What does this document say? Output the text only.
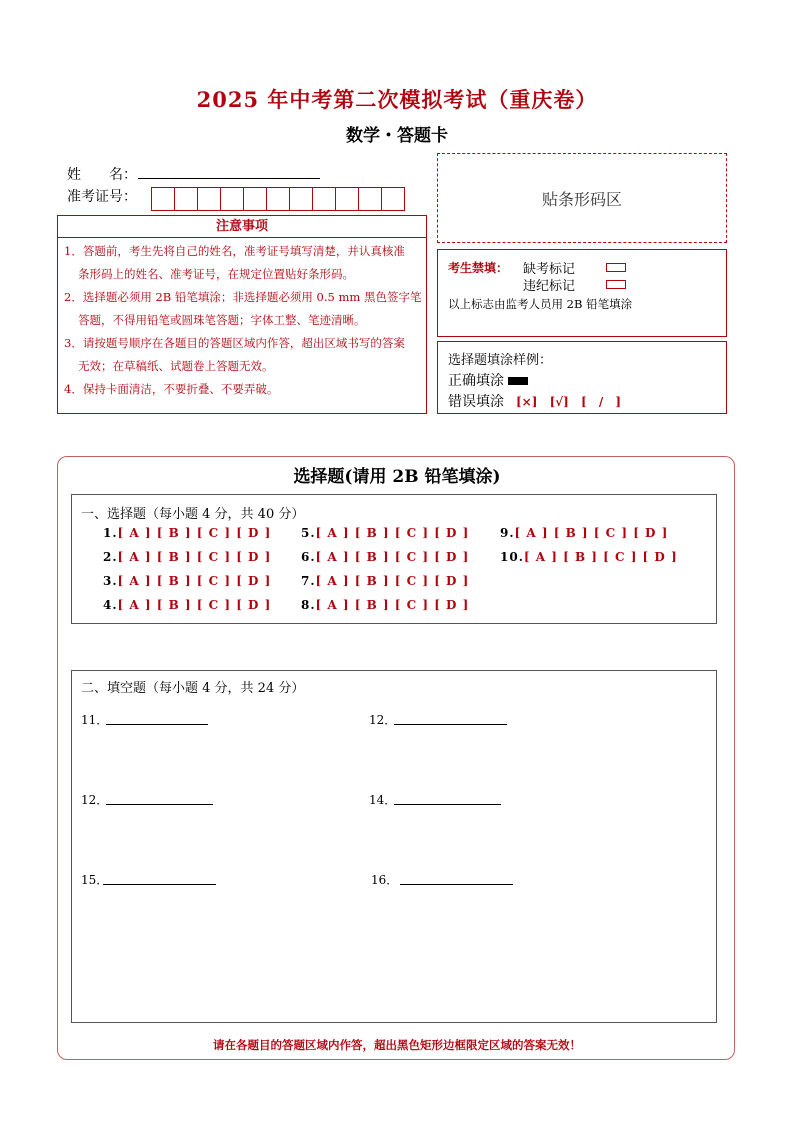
2025 年中考第二次模拟考试（重庆卷）
数学・答题卡
姓　　名：
准考证号：	贴条形码区
注意事项
1．答题前，考生先将自己的姓名，准考证号填写清楚，并认真核准
条形码上的姓名、准考证号，在规定位置贴好条形码。
2．选择题必须用 2B 铅笔填涂；非选择题必须用 0.5 mm 黑色签字笔
答题，不得用铅笔或圆珠笔答题；字体工整、笔迹清晰。
3．请按题号顺序在各题目的答题区域内作答，超出区域书写的答案
无效；在草稿纸、试题卷上答题无效。
4．保持卡面清洁，不要折叠、不要弄破。
考生禁填： 缺考标记
违纪标记
以上标志由监考人员用 2B 铅笔填涂
选择题填涂样例：
正确填涂
错误填涂 [×] [√] [ / ]
选择题(请用 2B 铅笔填涂)
一、选择题（每小题 4 分，共 40 分）
1.[ A ] [ B ] [ C ] [ D ]
2.[ A ] [ B ] [ C ] [ D ]
3.[ A ] [ B ] [ C ] [ D ]
4.[ A ] [ B ] [ C ] [ D ]
5.[ A ] [ B ] [ C ] [ D ]
6.[ A ] [ B ] [ C ] [ D ]
7.[ A ] [ B ] [ C ] [ D ]
8.[ A ] [ B ] [ C ] [ D ]
9.[ A ] [ B ] [ C ] [ D ]
10.[ A ] [ B ] [ C ] [ D ]
二、填空题（每小题 4 分，共 24 分）
11．	12．
12．	14．
15．	16．
请在各题目的答题区域内作答，超出黑色矩形边框限定区域的答案无效！
